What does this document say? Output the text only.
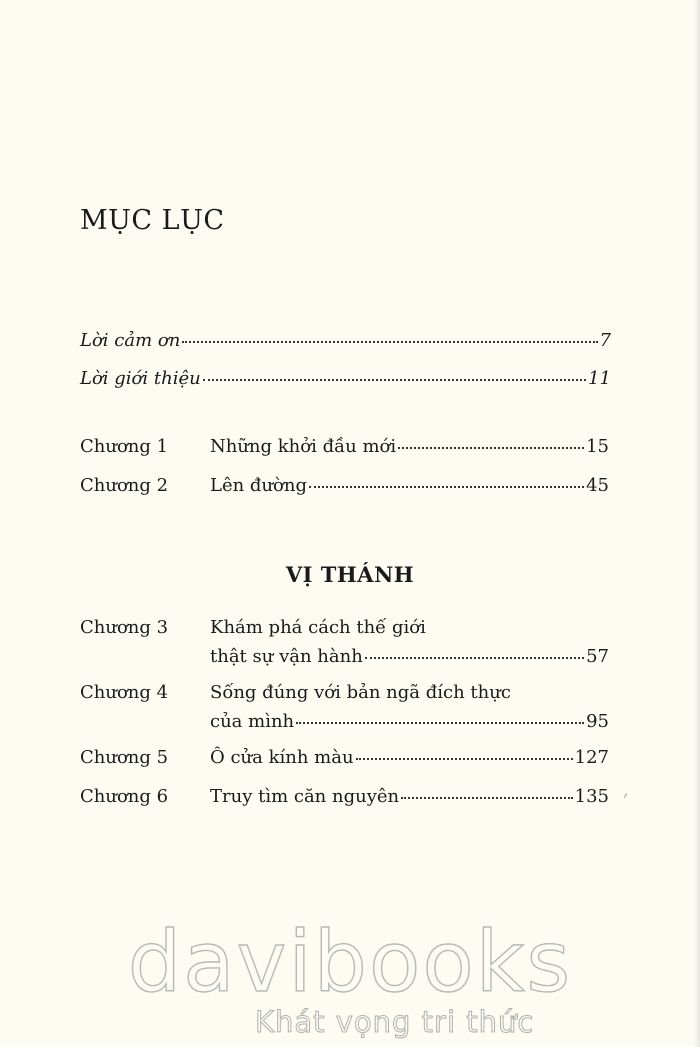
MỤC LỤC
Lời cảm ơn	7
Lời giới thiệu	11
Chương 1 Những khởi đầu mới	15
Chương 2 Lên đường	45
VỊ THÁNH
Chương 3 Khám phá cách thế giới
thật sự vận hành	57
Chương 4 Sống đúng với bản ngã đích thực
của mình	95
Chương 5 Ô cửa kính màu	127
Chương 6 Truy tìm căn nguyên	135
davibooks
Khát vọng tri thức
